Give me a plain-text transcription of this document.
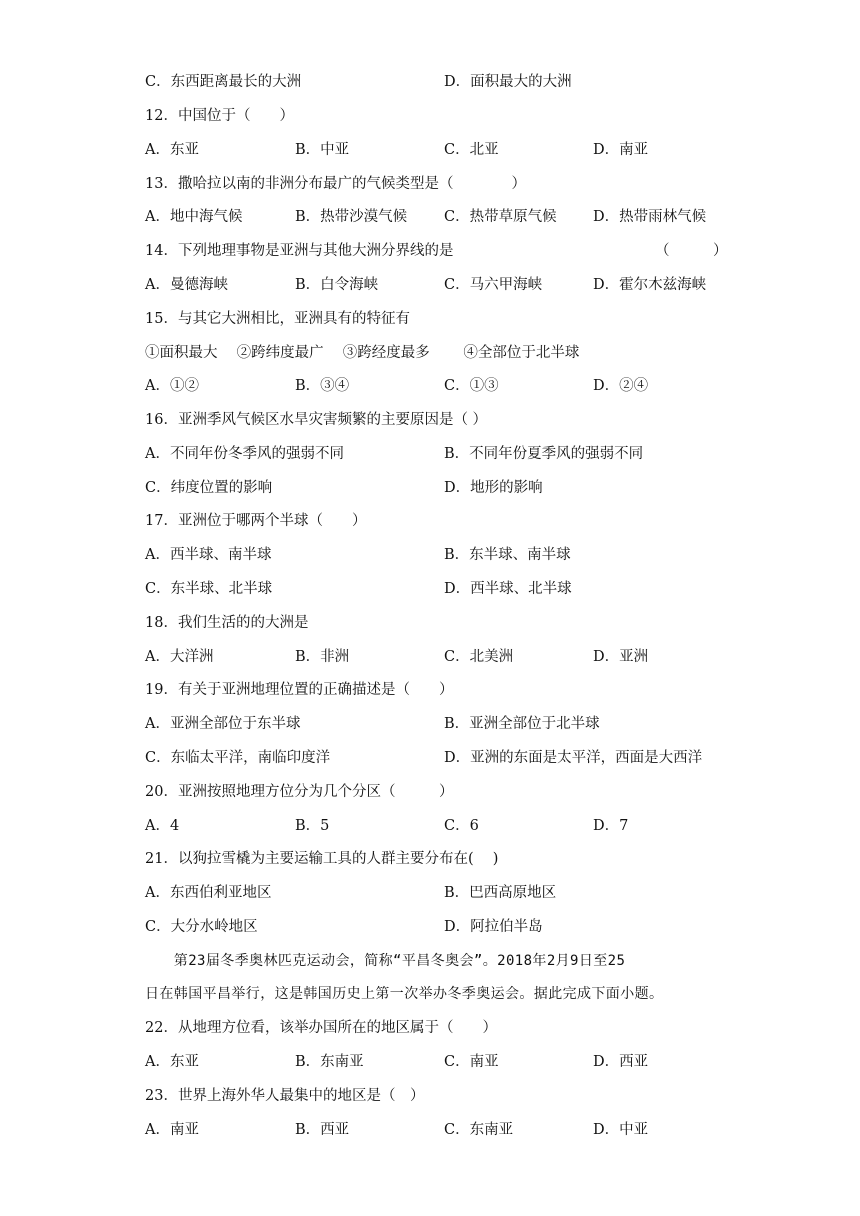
C．东西距离最长的大洲	D．面积最大的大洲
12．中国位于（　　）
A．东亚	B．中亚	C．北亚	D．南亚
13．撒哈拉以南的非洲分布最广的气候类型是（　　　　）
A．地中海气候	B．热带沙漠气候	C．热带草原气候	D．热带雨林气候
14．下列地理事物是亚洲与其他大洲分界线的是	（　　　）
A．曼德海峡	B．白令海峡	C．马六甲海峡	D．霍尔木兹海峡
15．与其它大洲相比，亚洲具有的特征有
①面积最大　 ②跨纬度最广　 ③跨经度最多　　 ④全部位于北半球
A．①②	B．③④	C．①③	D．②④
16．亚洲季风气候区水旱灾害频繁的主要原因是（ ）
A．不同年份冬季风的强弱不同	B．不同年份夏季风的强弱不同
C．纬度位置的影响	D．地形的影响
17．亚洲位于哪两个半球（　　）
A．西半球、南半球	B．东半球、南半球
C．东半球、北半球	D．西半球、北半球
18．我们生活的的大洲是
A．大洋洲	B．非洲	C．北美洲	D．亚洲
19．有关于亚洲地理位置的正确描述是（　　）
A．亚洲全部位于东半球	B．亚洲全部位于北半球
C．东临太平洋，南临印度洋	D．亚洲的东面是太平洋，西面是大西洋
20．亚洲按照地理方位分为几个分区（　　　）
A．4	B．5	C．6	D．7
21．以狗拉雪橇为主要运输工具的人群主要分布在(　 )
A．东西伯利亚地区	B．巴西高原地区
C．大分水岭地区	D．阿拉伯半岛
　　第23届冬季奥林匹克运动会，简称“平昌冬奥会”。2018年2月9日至25
日在韩国平昌举行，这是韩国历史上第一次举办冬季奥运会。据此完成下面小题。
22．从地理方位看，该举办国所在的地区属于（　　）
A．东亚	B．东南亚	C．南亚	D．西亚
23．世界上海外华人最集中的地区是（　）
A．南亚	B．西亚	C．东南亚	D．中亚
